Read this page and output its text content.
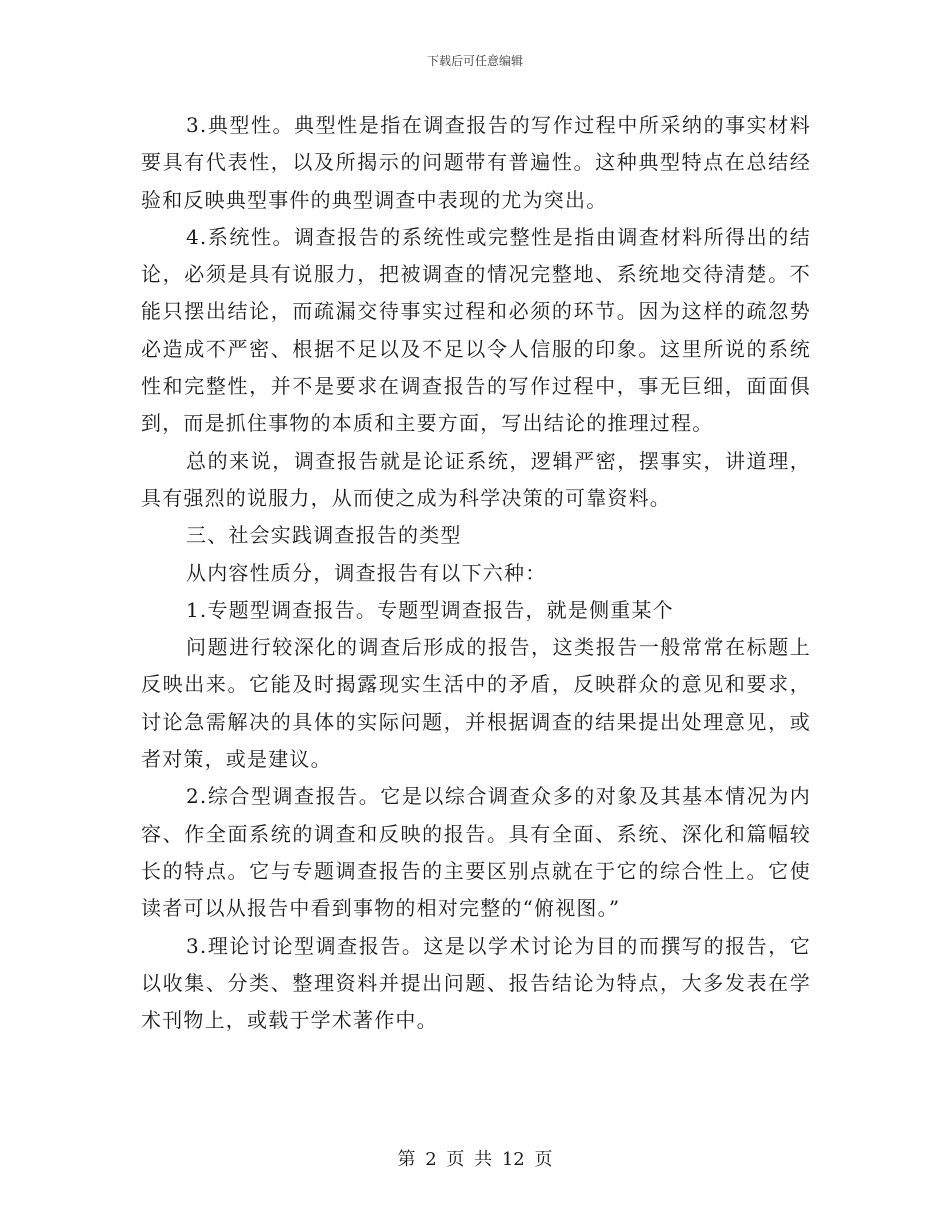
下载后可任意编辑

3.典型性。典型性是指在调查报告的写作过程中所采纳的事实材料要具有代表性，以及所揭示的问题带有普遍性。这种典型特点在总结经验和反映典型事件的典型调查中表现的尤为突出。

4.系统性。调查报告的系统性或完整性是指由调查材料所得出的结论，必须是具有说服力，把被调查的情况完整地、系统地交待清楚。不能只摆出结论，而疏漏交待事实过程和必须的环节。因为这样的疏忽势必造成不严密、根据不足以及不足以令人信服的印象。这里所说的系统性和完整性，并不是要求在调查报告的写作过程中，事无巨细，面面俱到，而是抓住事物的本质和主要方面，写出结论的推理过程。

总的来说，调查报告就是论证系统，逻辑严密，摆事实，讲道理，具有强烈的说服力，从而使之成为科学决策的可靠资料。

三、社会实践调查报告的类型

从内容性质分，调查报告有以下六种：

1.专题型调查报告。专题型调查报告，就是侧重某个

问题进行较深化的调查后形成的报告，这类报告一般常常在标题上反映出来。它能及时揭露现实生活中的矛盾，反映群众的意见和要求，讨论急需解决的具体的实际问题，并根据调查的结果提出处理意见，或者对策，或是建议。

2.综合型调查报告。它是以综合调查众多的对象及其基本情况为内容、作全面系统的调查和反映的报告。具有全面、系统、深化和篇幅较长的特点。它与专题调查报告的主要区别点就在于它的综合性上。它使读者可以从报告中看到事物的相对完整的“俯视图。”

3.理论讨论型调查报告。这是以学术讨论为目的而撰写的报告，它以收集、分类、整理资料并提出问题、报告结论为特点，大多发表在学术刊物上，或载于学术著作中。

第 2 页 共 12 页
